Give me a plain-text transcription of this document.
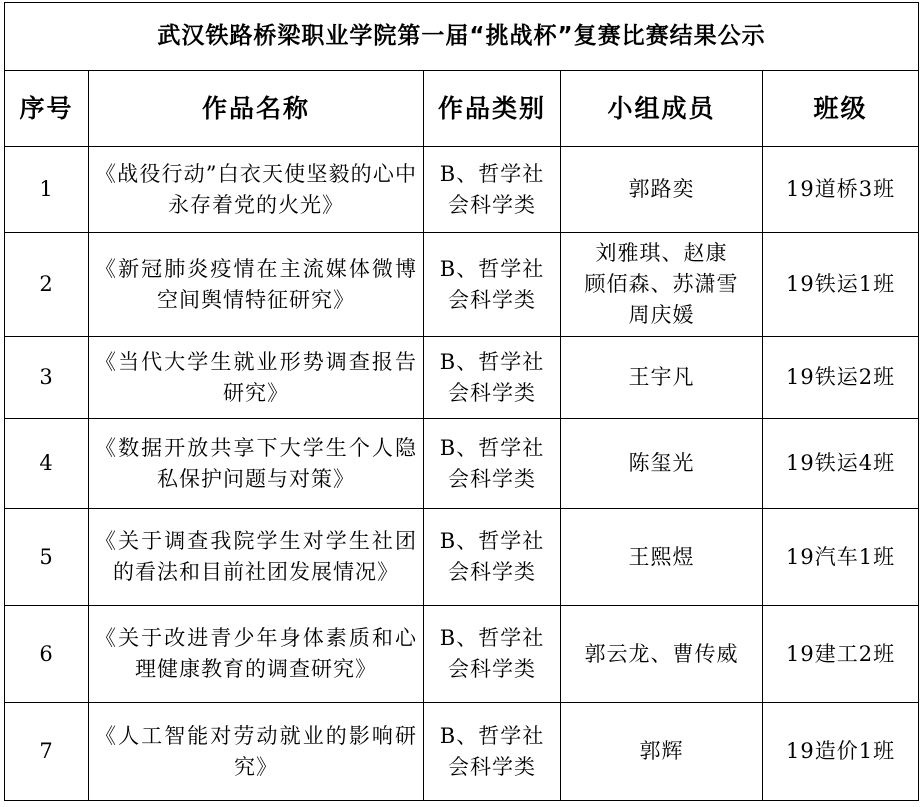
武汉铁路桥梁职业学院第一届“挑战杯”复赛比赛结果公示				
序号	作品名称	作品类别	小组成员	班级
1	《战役行动”白衣天使坚毅的心中永存着党的火光》	B、哲学社会科学类	郭路奕	19道桥3班
2	《新冠肺炎疫情在主流媒体微博空间舆情特征研究》	B、哲学社会科学类	刘雅琪、赵康
顾佰森、苏潇雪
周庆媛	19铁运1班
3	《当代大学生就业形势调查报告研究》	B、哲学社会科学类	王宇凡	19铁运2班
4	《数据开放共享下大学生个人隐私保护问题与对策》	B、哲学社会科学类	陈玺光	19铁运4班
5	《关于调查我院学生对学生社团的看法和目前社团发展情况》	B、哲学社会科学类	王熙煜	19汽车1班
6	《关于改进青少年身体素质和心理健康教育的调查研究》	B、哲学社会科学类	郭云龙、曹传威	19建工2班
7	《人工智能对劳动就业的影响研究》	B、哲学社会科学类	郭辉	19造价1班
